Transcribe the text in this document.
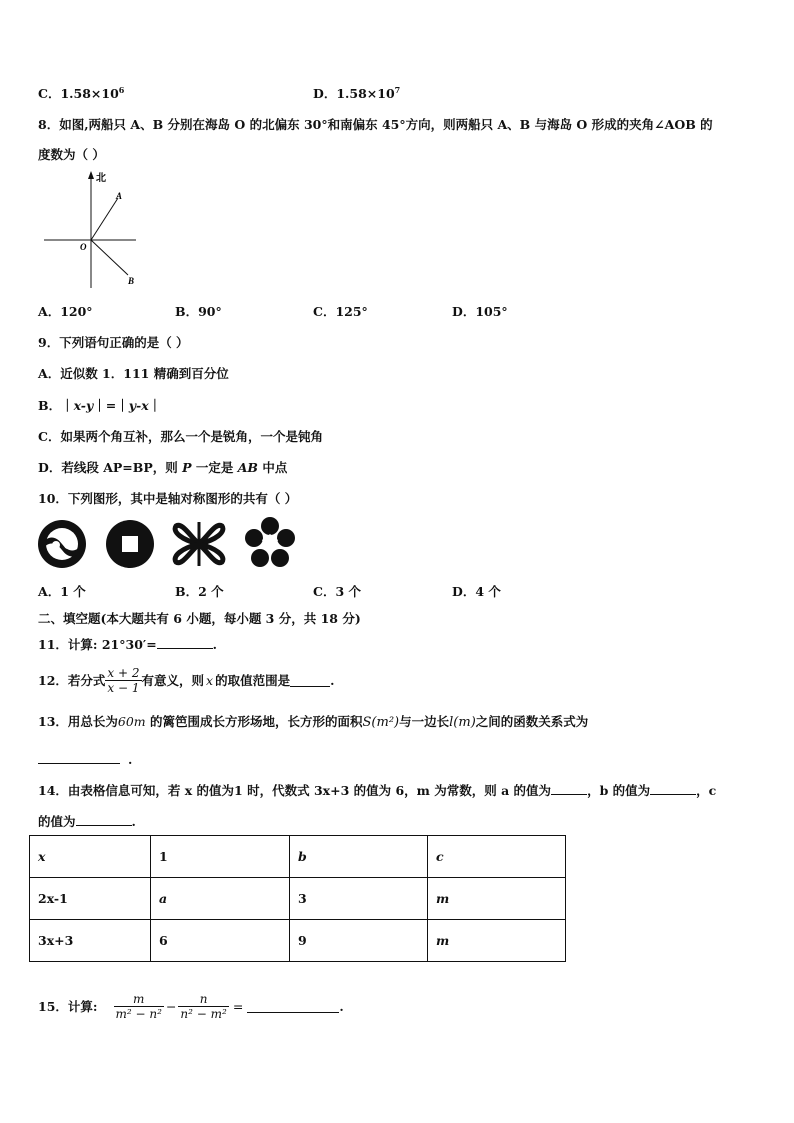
C．$1.58\times 10^6$	D．$1.58\times 10^7$
8．如图,两船只 A、B 分别在海岛 O 的北偏东 30°和南偏东 45°方向，则两船只 A、B 与海岛 O 形成的夹角∠AOB 的
度数为（ ）
北
A
B
O
A．120°	B．90°	C．125°	D．105°
9．下列语句正确的是（ ）
A．近似数 1．111 精确到百分位
B．｜x-y｜=｜y-x｜
C．如果两个角互补，那么一个是锐角，一个是钝角
D．若线段 AP=BP，则 P 一定是 AB 中点
10．下列图形，其中是轴对称图形的共有（ ）
A．1 个	B．2 个	C．3 个	D．4 个
二、填空题(本大题共有 6 小题，每小题 3 分，共 18 分)
11．计算: 21°30′=	.
12．若分式 $\frac{x + 2}{x - 1}$ 有意义，则 x 的取值范围是	.
13．用总长为60m 的篱笆围成长方形场地，长方形的面积S(m²)与一边长l(m)之间的函数关系式为
.
14．由表格信息可知，若 x 的值为1 时，代数式 3x+3 的值为 6，m 为常数，则 a 的值为	，b 的值为	，c
的值为	.
x	1	b	c
2x-1	a	3	m
3x+3	6	9	m
15．计算: $\frac{m}{\text{m² − n²}} - \frac{n}{\text{n² − m²}}$ =	.
